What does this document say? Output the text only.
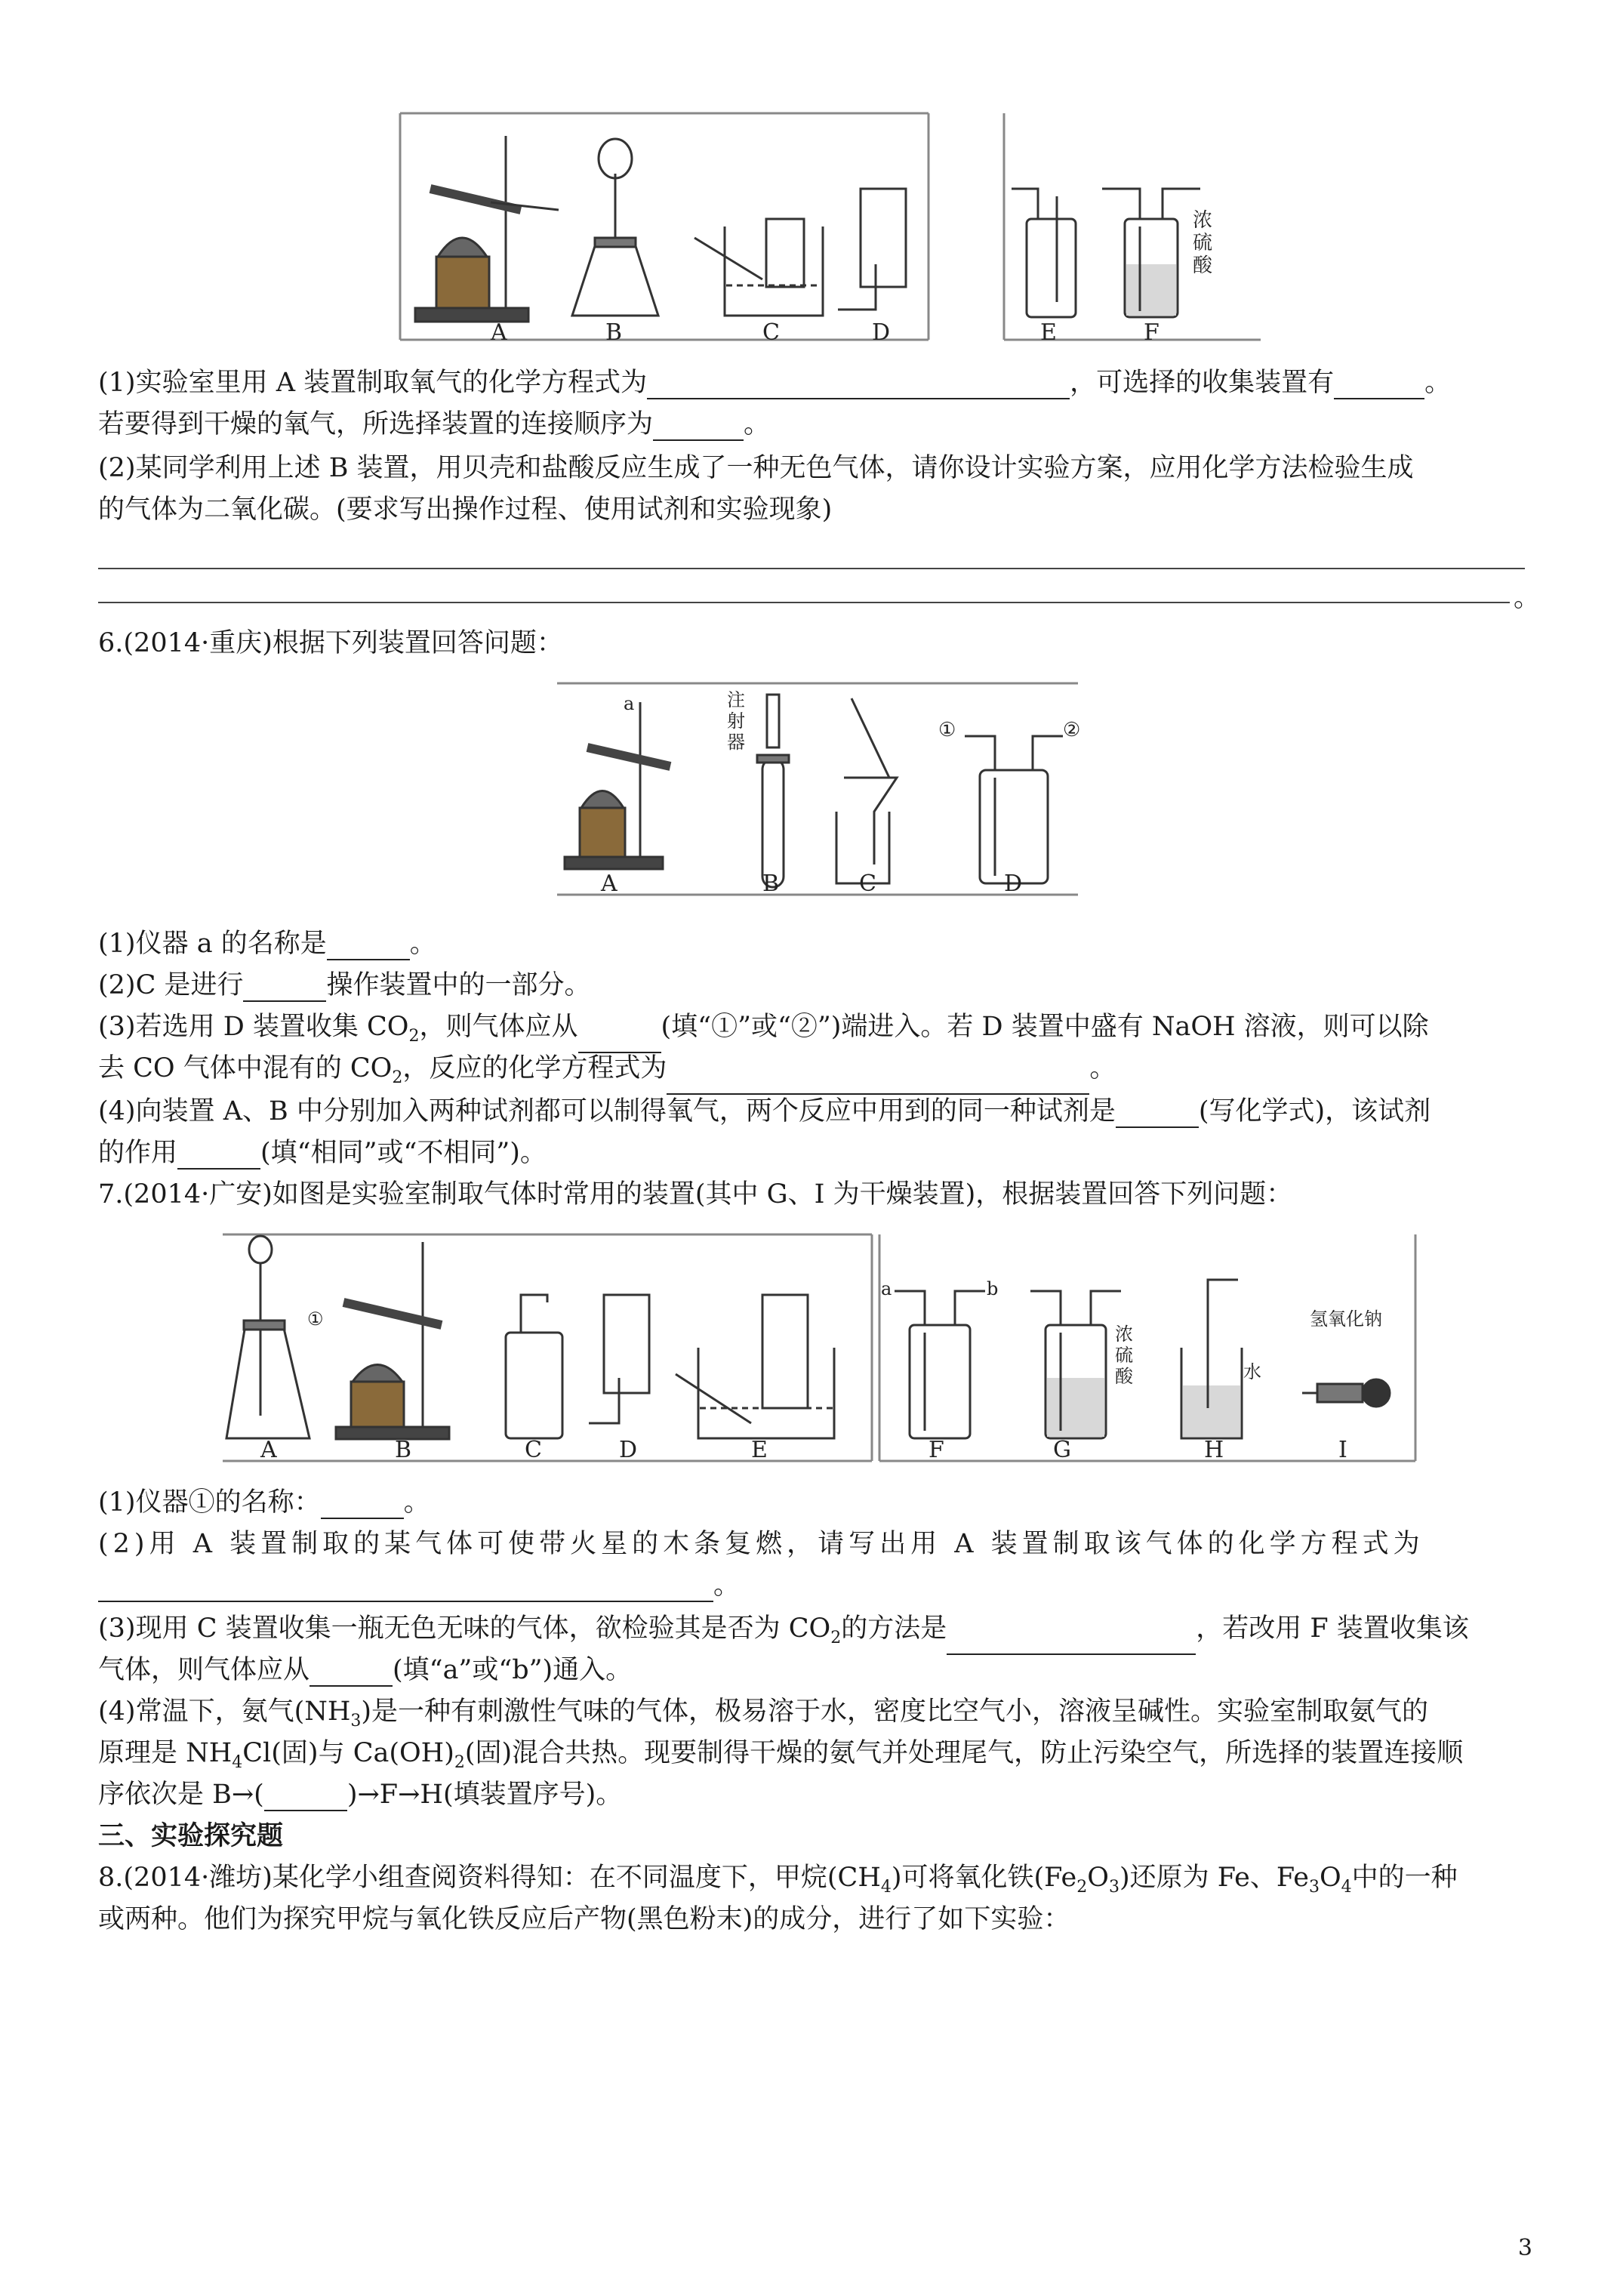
A	B	C	D	E	F
浓硫酸
(1)实验室里用 A 装置制取氧气的化学方程式为	，可选择的收集装置有	。
若要得到干燥的氧气，所选择装置的连接顺序为	。
(2)某同学利用上述 B 装置，用贝壳和盐酸反应生成了一种无色气体，请你设计实验方案，应用化学方法检验生成
的气体为二氧化碳。(要求写出操作过程、使用试剂和实验现象)
。
6.(2014·重庆)根据下列装置回答问题：
A	B	C	D
a	注射器
①	②
(1)仪器 a 的名称是	。
(2)C 是进行	操作装置中的一部分。
(3)若选用 D 装置收集 $CO_2$，则气体应从	(填“①”或“②”)端进入。若 D 装置中盛有 NaOH 溶液，则可以除
去 CO 气体中混有的 $CO_2$，反应的化学方程式为	。
(4)向装置 A、B 中分别加入两种试剂都可以制得氧气，两个反应中用到的同一种试剂是	(写化学式)，该试剂
的作用	(填“相同”或“不相同”)。
7.(2014·广安)如图是实验室制取气体时常用的装置(其中 G、I 为干燥装置)，根据装置回答下列问题：
A	B	C	D	E	F	G	H	I
①
a	b
浓硫酸	水
氢氧化钠
(1)仪器①的名称：	。
(2)用 A 装置制取的某气体可使带火星的木条复燃，请写出用 A 装置制取该气体的化学方程式为
。
(3)现用 C 装置收集一瓶无色无味的气体，欲检验其是否为 $CO_2$的方法是	，若改用 F 装置收集该
气体，则气体应从	(填“a”或“b”)通入。
(4)常温下，氨气$(NH_3)$是一种有刺激性气味的气体，极易溶于水，密度比空气小，溶液呈碱性。实验室制取氨气的
原理是 $NH_4Cl$(固)与 $Ca(OH)_2$(固)混合共热。现要制得干燥的氨气并处理尾气，防止污染空气，所选择的装置连接顺
序依次是 B→(	)→F→H(填装置序号)。
三、实验探究题
8.(2014·潍坊)某化学小组查阅资料得知：在不同温度下，甲烷$(CH_4)$可将氧化铁$(Fe_2O_3)$还原为 Fe、$Fe_3O_4$中的一种
或两种。他们为探究甲烷与氧化铁反应后产物(黑色粉末)的成分，进行了如下实验：
3
